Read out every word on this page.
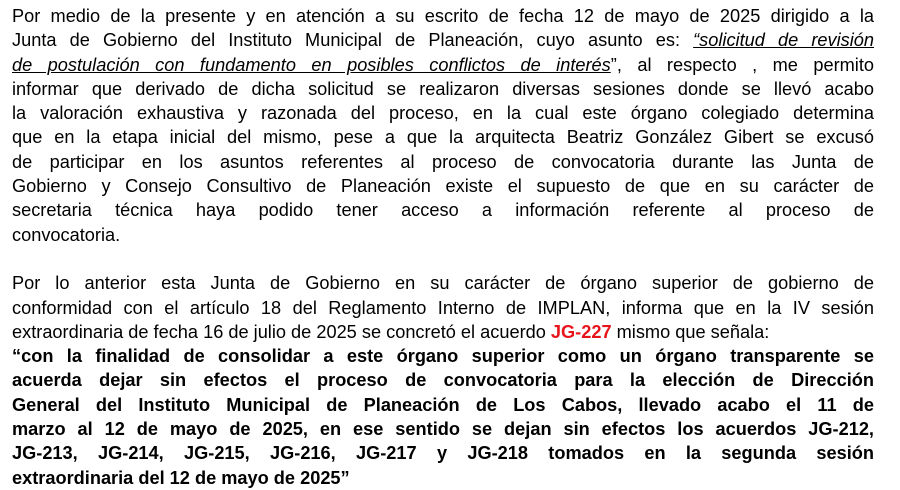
Por medio de la presente y en atención a su escrito de fecha 12 de mayo de 2025 dirigido a la
Junta de Gobierno del Instituto Municipal de Planeación, cuyo asunto es: “solicitud de revisión
de postulación con fundamento en posibles conflictos de interés”, al respecto , me permito
informar que derivado de dicha solicitud se realizaron diversas sesiones donde se llevó acabo
la valoración exhaustiva y razonada del proceso, en la cual este órgano colegiado determina
que en la etapa inicial del mismo, pese a que la arquitecta Beatriz González Gibert se excusó
de participar en los asuntos referentes al proceso de convocatoria durante las Junta de
Gobierno y Consejo Consultivo de Planeación existe el supuesto de que en su carácter de
secretaria técnica haya podido tener acceso a información referente al proceso de
convocatoria.
Por lo anterior esta Junta de Gobierno en su carácter de órgano superior de gobierno de
conformidad con el artículo 18 del Reglamento Interno de IMPLAN, informa que en la IV sesión
extraordinaria de fecha 16 de julio de 2025 se concretó el acuerdo JG-227 mismo que señala:
“con la finalidad de consolidar a este órgano superior como un órgano transparente se
acuerda dejar sin efectos el proceso de convocatoria para la elección de Dirección
General del Instituto Municipal de Planeación de Los Cabos, llevado acabo el 11 de
marzo al 12 de mayo de 2025, en ese sentido se dejan sin efectos los acuerdos JG-212,
JG-213, JG-214, JG-215, JG-216, JG-217 y JG-218 tomados en la segunda sesión
extraordinaria del 12 de mayo de 2025”
